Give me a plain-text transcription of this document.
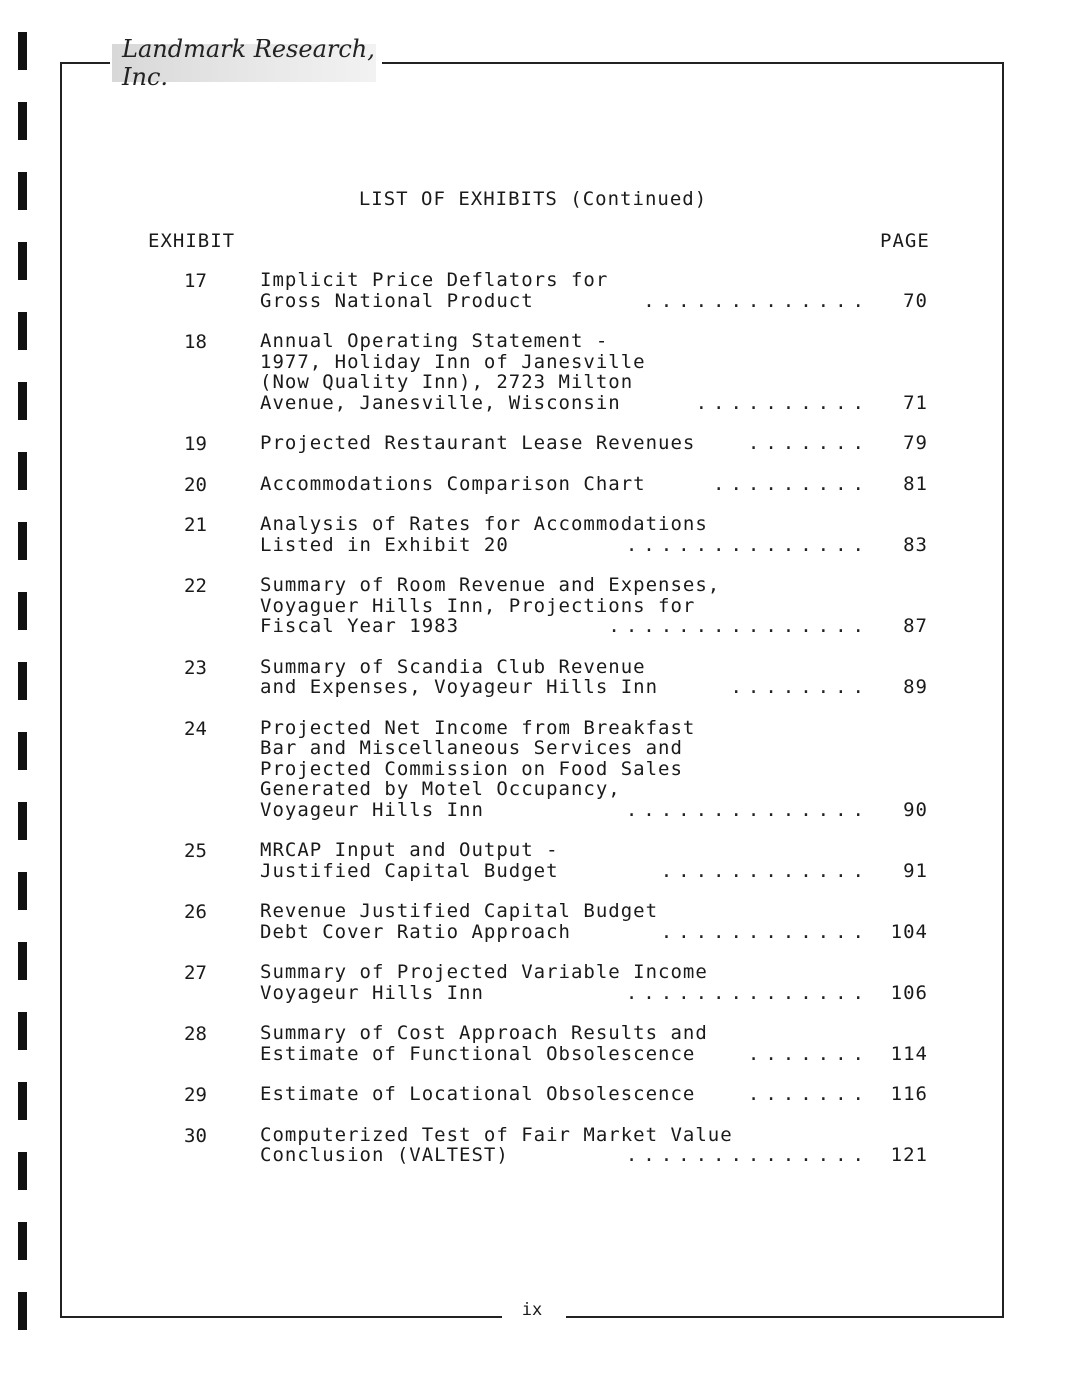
Landmark Research, Inc.
LIST OF EXHIBITS (Continued)
EXHIBIT	PAGE
17	Implicit Price Deflators for
Gross National Product	............. 70
18	Annual Operating Statement -
1977, Holiday Inn of Janesville
(Now Quality Inn), 2723 Milton
Avenue, Janesville, Wisconsin	.......... 71
19	Projected Restaurant Lease Revenues	....... 79
20	Accommodations Comparison Chart	......... 81
21	Analysis of Rates for Accommodations
Listed in Exhibit 20	.............. 83
22	Summary of Room Revenue and Expenses,
Voyaguer Hills Inn, Projections for
Fiscal Year 1983	............... 87
23	Summary of Scandia Club Revenue
and Expenses, Voyageur Hills Inn	........ 89
24	Projected Net Income from Breakfast
Bar and Miscellaneous Services and
Projected Commission on Food Sales
Generated by Motel Occupancy,
Voyageur Hills Inn	.............. 90
25	MRCAP Input and Output -
Justified Capital Budget	............ 91
26	Revenue Justified Capital Budget
Debt Cover Ratio Approach	............ 104
27	Summary of Projected Variable Income
Voyageur Hills Inn	.............. 106
28	Summary of Cost Approach Results and
Estimate of Functional Obsolescence	....... 114
29	Estimate of Locational Obsolescence	....... 116
30	Computerized Test of Fair Market Value
Conclusion (VALTEST)	.............. 121
ix
